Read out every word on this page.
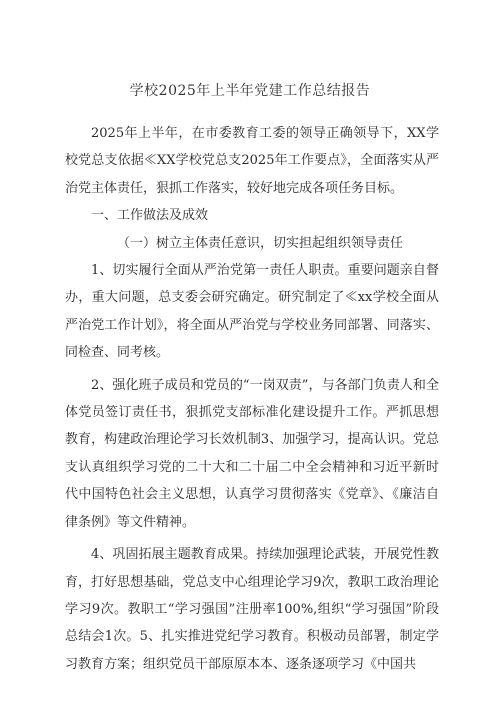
学校2025年上半年党建工作总结报告

2025年上半年，在市委教育工委的领导正确领导下，XX学校党总支依据≪XX学校党总支2025年工作要点》，全面落实从严治党主体责任，狠抓工作落实，较好地完成各项任务目标。

一、工作做法及成效

（一）树立主体责任意识，切实担起组织领导责任

1、切实履行全面从严治党第一责任人职责。重要问题亲自督办，重大问题，总支委会研究确定。研究制定了≪xx学校全面从严治党工作计划》，将全面从严治党与学校业务同部署、同落实、同检查、同考核。

2、强化班子成员和党员的“一岗双责”，与各部门负责人和全体党员签订责任书，狠抓党支部标准化建设提升工作。严抓思想教育，构建政治理论学习长效机制3、加强学习，提高认识。党总支认真组织学习党的二十大和二十届二中全会精神和习近平新时代中国特色社会主义思想，认真学习贯彻落实《党章》、《廉洁自律条例》等文件精神。

4、巩固拓展主题教育成果。持续加强理论武装，开展党性教育，打好思想基础，党总支中心组理论学习9次，教职工政治理论学习9次。教职工“学习强国”注册率100%,组织“学习强国”阶段总结会1次。5、扎实推进党纪学习教育。积极动员部署，制定学习教育方案；组织党员干部原原本本、逐条逐项学习《中国共
